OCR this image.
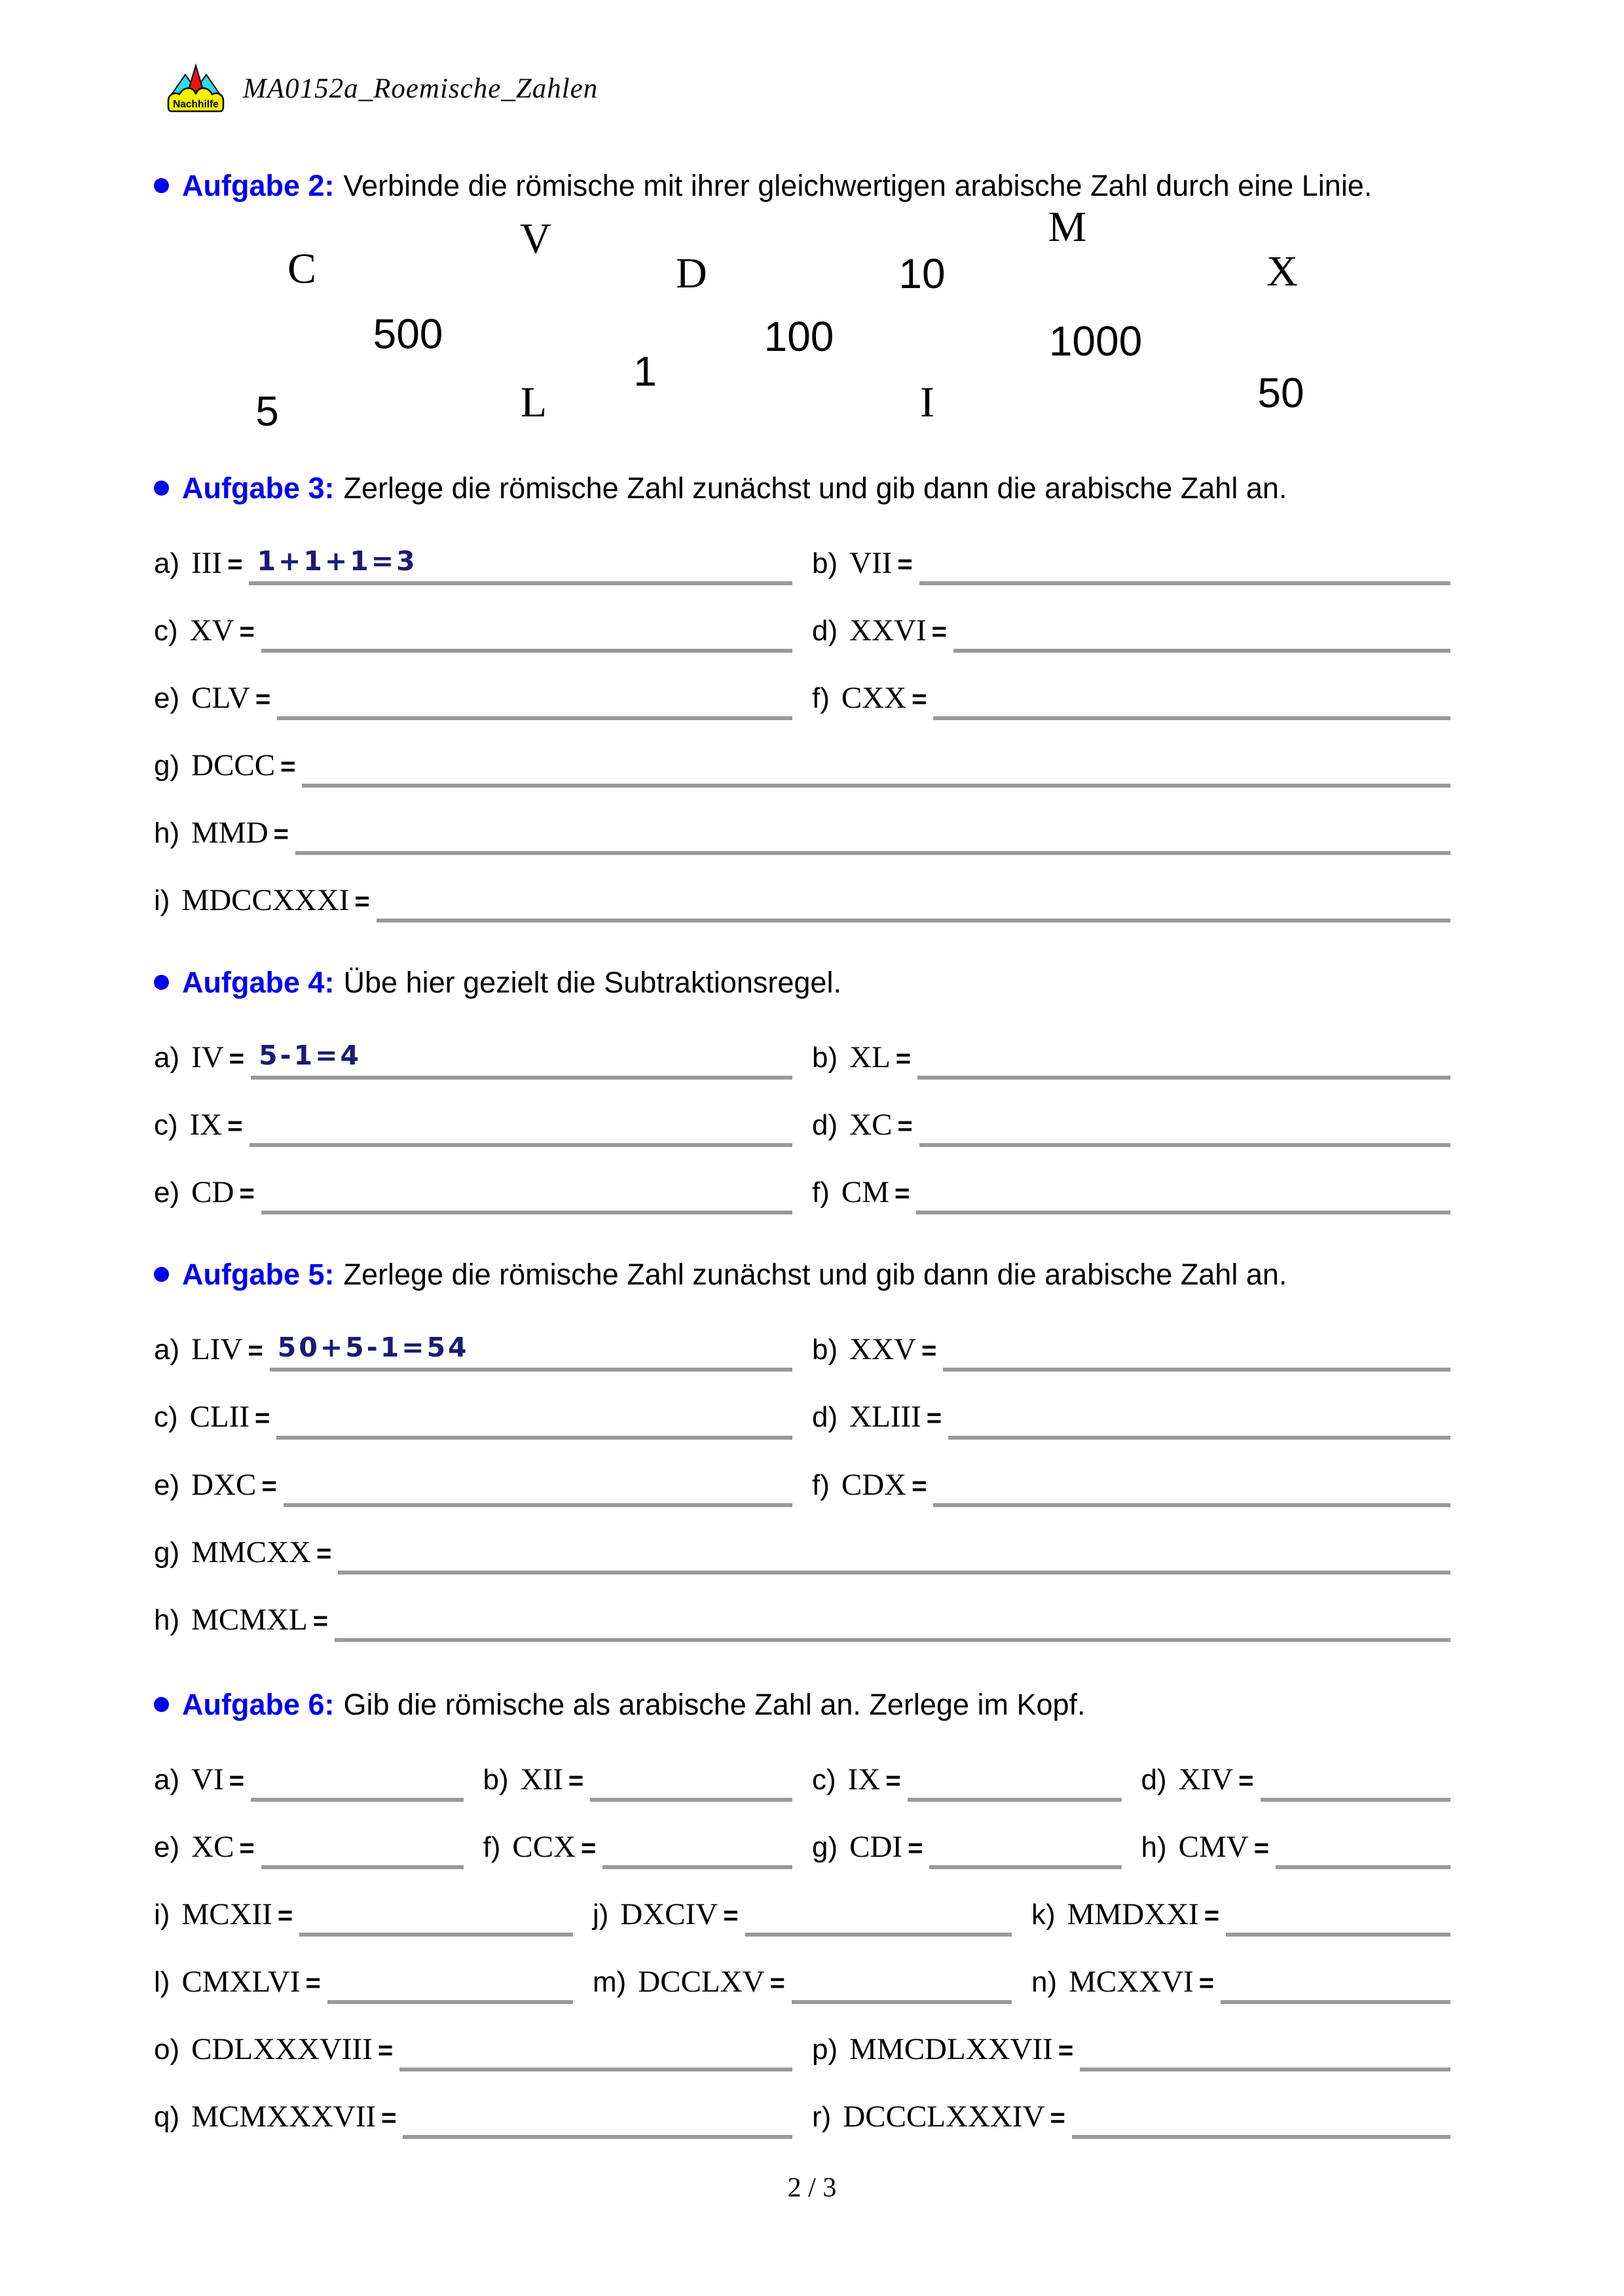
Nachhilfe
MA0152a_Roemische_Zahlen

Aufgabe 2: Verbinde die römische mit ihrer gleichwertigen arabische Zahl durch eine Linie.

C
V
D	10
M
X
500	100	1000
1
L	I	50
5

Aufgabe 3: Zerlege die römische Zahl zunächst und gib dann die arabische Zahl an.

a) III = 1+1+1=3	b) VII =
c) XV =	d) XXVI =
e) CLV =	f) CXX =
g) DCCC =
h) MMD =
i) MDCCXXXI =

Aufgabe 4: Übe hier gezielt die Subtraktionsregel.

a) IV = 5-1=4	b) XL =
c) IX =	d) XC =
e) CD =	f) CM =

Aufgabe 5: Zerlege die römische Zahl zunächst und gib dann die arabische Zahl an.

a) LIV = 50+5-1=54	b) XXV =
c) CLII =	d) XLIII =
e) DXC =	f) CDX =
g) MMCXX =
h) MCMXL =

Aufgabe 6: Gib die römische als arabische Zahl an. Zerlege im Kopf.

a) VI =	b) XII =	c) IX =	d) XIV =
e) XC =	f) CCX =	g) CDI =	h) CMV =
i) MCXII =	j) DXCIV =	k) MMDXXI =
l) CMXLVI =	m) DCCLXV =	n) MCXXVI =
o) CDLXXXVIII =	p) MMCDLXXVII =
q) MCMXXXVII =	r) DCCCLXXXIV =
2 / 3
